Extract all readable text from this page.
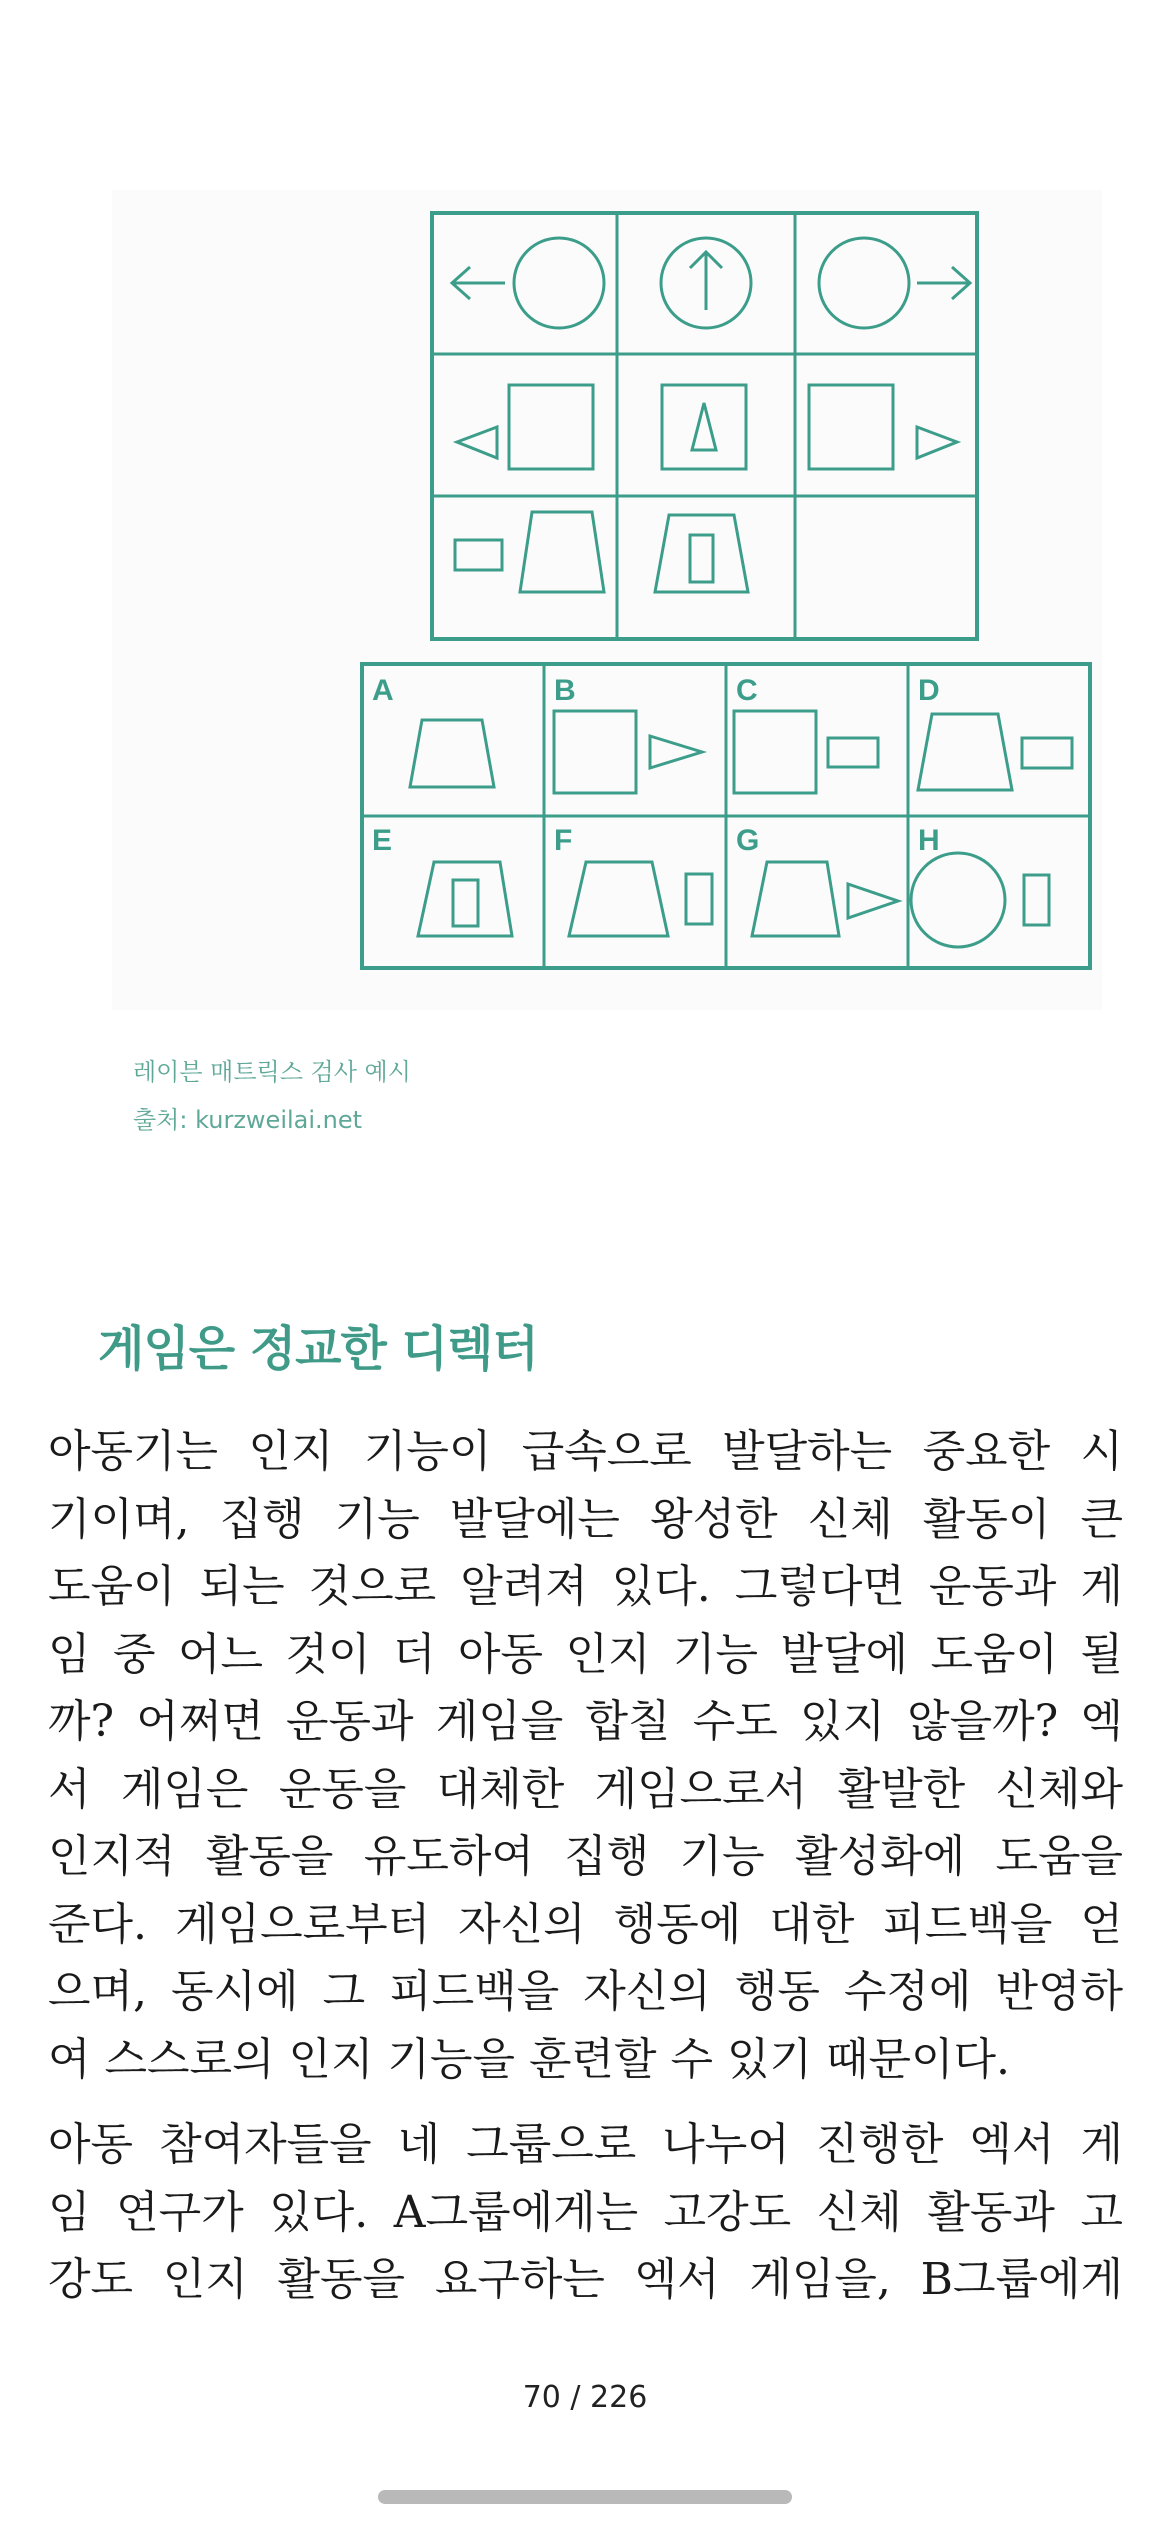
A	B	C	D
E	F	G	H
레이븐 매트릭스 검사 예시
출처: kurzweilai.net
게임은 정교한 디렉터
아동기는 인지 기능이 급속으로 발달하는 중요한 시
기이며, 집행 기능 발달에는 왕성한 신체 활동이 큰
도움이 되는 것으로 알려져 있다. 그렇다면 운동과 게
임 중 어느 것이 더 아동 인지 기능 발달에 도움이 될
까? 어쩌면 운동과 게임을 합칠 수도 있지 않을까? 엑
서 게임은 운동을 대체한 게임으로서 활발한 신체와
인지적 활동을 유도하여 집행 기능 활성화에 도움을
준다. 게임으로부터 자신의 행동에 대한 피드백을 얻
으며, 동시에 그 피드백을 자신의 행동 수정에 반영하
여 스스로의 인지 기능을 훈련할 수 있기 때문이다.
아동 참여자들을 네 그룹으로 나누어 진행한 엑서 게
임 연구가 있다. A그룹에게는 고강도 신체 활동과 고
강도 인지 활동을 요구하는 엑서 게임을, B그룹에게
70 / 226
